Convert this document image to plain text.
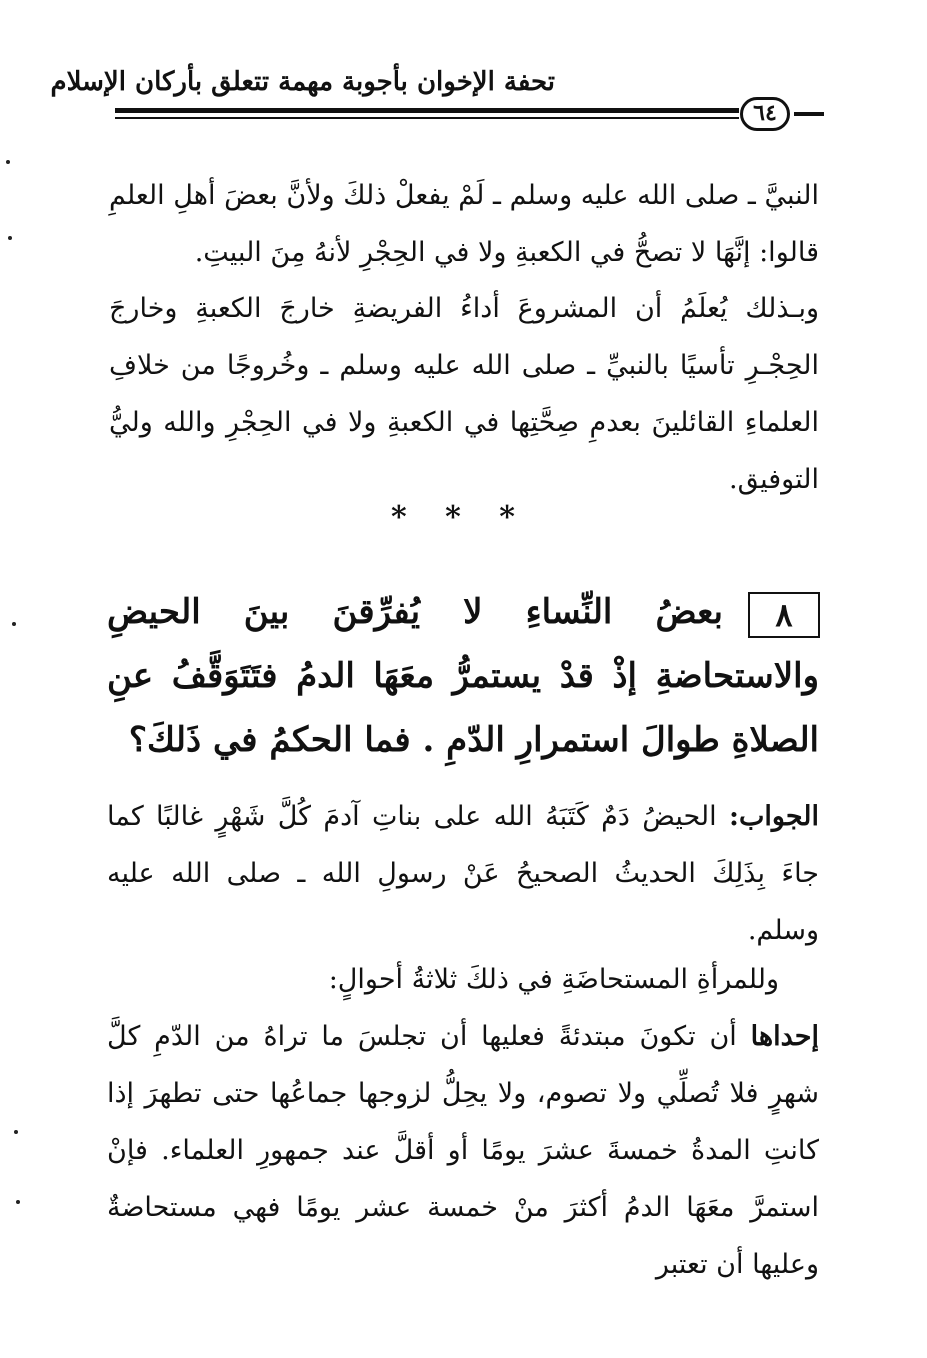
تحفة الإخوان بأجوبة مهمة تتعلق بأركان الإسلام
٦٤
النبيَّ ـ صلى الله عليه وسلم ـ لَمْ يفعلْ ذلكَ ولأنَّ بعضَ أهلِ العلمِ قالوا: إنَّهَا لا تصحُّ في الكعبةِ ولا في الحِجْرِ لأنهُ مِنَ البيتِ.
وبـذلك يُعلَمُ أن المشروعَ أداءُ الفريضةِ خارجَ الكعبةِ وخارجَ الحِجْـرِ تأسيًا بالنبيِّ ـ صلى الله عليه وسلم ـ وخُروجًا من خلافِ العلماءِ القائلينَ بعدمِ صِحَّتِها في الكعبةِ ولا في الحِجْرِ والله وليُّ التوفيق.
* * *
٨
بعضُ النِّساءِ لا يُفرِّقنَ بينَ الحيضِ والاستحاضةِ إذْ قدْ يستمرُّ معَهَا الدمُ فتَتَوَقَّفُ عنِ الصلاةِ طوالَ استمرارِ الدّمِ . فما الحكمُ في ذَلكَ؟
الجواب: الحيضُ دَمٌ كَتَبَهُ الله على بناتِ آدمَ كُلَّ شَهْرٍ غالبًا كما جاءَ بِذَلِكَ الحديثُ الصحيحُ عَنْ رسولِ الله ـ صلى الله عليه وسلم.
وللمرأةِ المستحاضَةِ في ذلكَ ثلاثةُ أحوالٍ:
إحداها أن تكونَ مبتدئةً فعليها أن تجلسَ ما تراهُ من الدّمِ كلَّ شهرٍ فلا تُصلِّي ولا تصوم، ولا يحِلُّ لزوجها جماعُها حتى تطهرَ إذا كانتِ المدةُ خمسةَ عشرَ يومًا أو أقلَّ عند جمهورِ العلماء. فإنْ استمرَّ معَهَا الدمُ أكثرَ منْ خمسة عشر يومًا فهي مستحاضةٌ وعليها أن تعتبر
